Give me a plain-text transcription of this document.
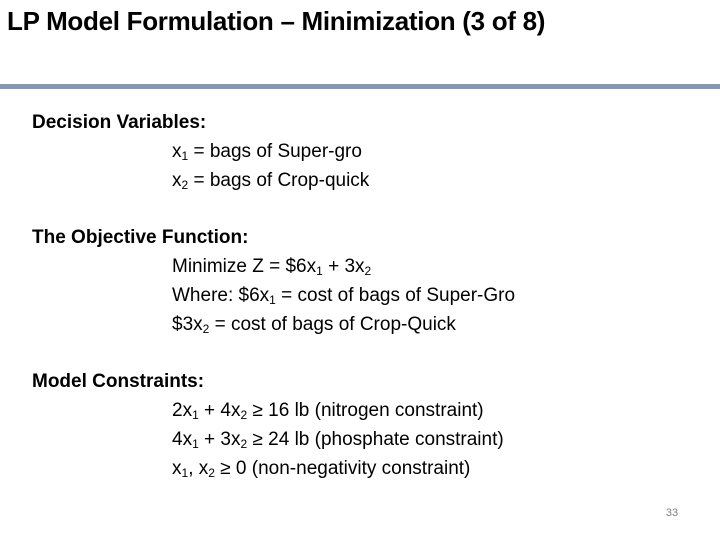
LP Model Formulation – Minimization (3 of 8)
Decision Variables:
$x_1$ = bags of Super-gro
$x_2$ = bags of Crop-quick
The Objective Function:
Minimize $Z = \$6x_1 + 3x_2$
Where: $\$6x_1 = \cos t$ of bags of Super-Gro
$\$3x_2 = \cos t$ of bags of Crop-Quick
Model Constraints:
$2x_1 + 4x_2 \ge 16$ lb (nitrogen constraint)
$4x_1 + 3x_2 \ge 24$ lb (phosphate constraint)
$x_1$, $x_2 \ge 0$ (non-negativity constraint)
33
